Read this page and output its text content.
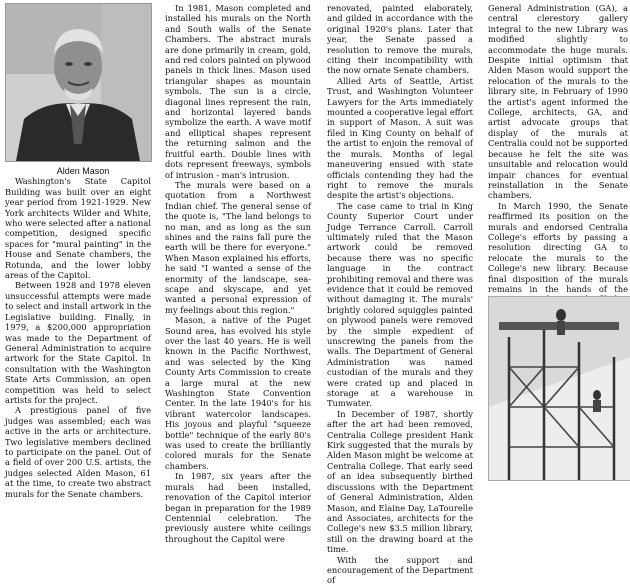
Alden Mason

Washington's State Capitol Building was built over an eight year period from 1921-1929. New York architects Wilder and White, who were selected after a national competition, designed specific spaces for "mural painting" in the House and Senate chambers, the Rotunda, and the lower lobby areas of the Capitol.

Between 1928 and 1978 eleven unsuccessful attempts were made to select and install artwork in the Legislative building. Finally, in 1979, a $200,000 appropriation was made to the Department of General Administration to acquire artwork for the State Capitol. In consultation with the Washington State Arts Commission, an open competition was held to select artists for the project.

A prestigious panel of five judges was assembled; each was active in the arts or architecture. Two legislative members declined to participate on the panel. Out of a field of over 200 U.S. artists, the judges selected Alden Mason, 61 at the time, to create two abstract murals for the Senate chambers.

In 1981, Mason completed and installed his murals on the North and South walls of the Senate Chambers. The abstract murals are done primarily in cream, gold, and red colors painted on plywood panels in thick lines. Mason used triangular shapes as mountain symbols. The sun is a circle, diagonal lines represent the rain, and horizontal layered bands symbolize the earth. A wave motif and elliptical shapes represent the returning salmon and the fruitful earth. Double lines with dots represent freeways, symbols of intrusion - man's intrusion.

The murals were based on a quotation from a Northwest Indian chief. The general sense of the quote is, "The land belongs to no man, and as long as the sun shines and the rains fall pure the earth will be there for everyone." When Mason explained his efforts, he said "I wanted a sense of the enormity of the landscape, sea-scape and skyscape, and yet wanted a personal expression of my feelings about this region."

Mason, a native of the Puget Sound area, has evolved his style over the last 40 years. He is well known in the Pacific Northwest, and was selected by the King County Arts Commission to create a large mural at the new Washington State Convention Center. In the late 1940's for his vibrant watercolor landscapes. His joyous and playful "squeeze bottle" technique of the early 80's was used to create the brilliantly colored murals for the Senate chambers.

In 1987, six years after the murals had been installed, renovation of the Capitol interior began in preparation for the 1989 Centennial celebration. The previously austere white ceilings throughout the Capitol were

renovated, painted elaborately, and gilded in accordance with the original 1920's plans. Later that year, the Senate passed a resolution to remove the murals, citing their incompatibility with the now ornate Senate chambers.

Allied Arts of Seattle, Artist Trust, and Washington Volunteer Lawyers for the Arts immediately mounted a cooperative legal effort in support of Mason. A suit was filed in King County on behalf of the artist to enjoin the removal of the murals. Months of legal maneuvering ensued with state officials contending they had the right to remove the murals despite the artist's objections.

The case came to trial in King County Superior Court under Judge Terrance Carroll. Carroll ultimately ruled that the Mason artwork could be removed because there was no specific language in the contract prohibiting removal and there was evidence that it could be removed without damaging it. The murals' brightly colored squiggles painted on plywood panels were removed by the simple expedient of unscrewing the panels from the walls. The Department of General Administration was named custodian of the murals and they were crated up and placed in storage at a warehouse in Tumwater.

In December of 1987, shortly after the art had been removed, Centralia College president Hank Kirk suggested that the murals by Alden Mason might be welcome at Centralia College. That early seed of an idea subsequently birthed discussions with the Department of General Administration, Alden Mason, and Elaine Day, LaTourelle and Associates, architects for the College's new $3.5 million library, still on the drawing board at the time.

With the support and encouragement of the Department of

General Administration (GA), a central clerestory gallery integral to the new Library was modified slightly to accommodate the huge murals. Despite initial optimism that Alden Mason would support the relocation of the murals to the library site, in February of 1990 the artist's agent informed the College, architects, GA, and artist advocate groups that display of the murals at Centralia could not be supported because he felt the site was unsuitable and relocation would impair chances for eventual reinstallation in the Senate chambers.

In March 1990, the Senate reaffirmed its position on the murals and endorsed Centralia College's efforts by passing a resolution directing GA to relocate the murals to the College's new library. Because final disposition of the murals remains in the hands of the
